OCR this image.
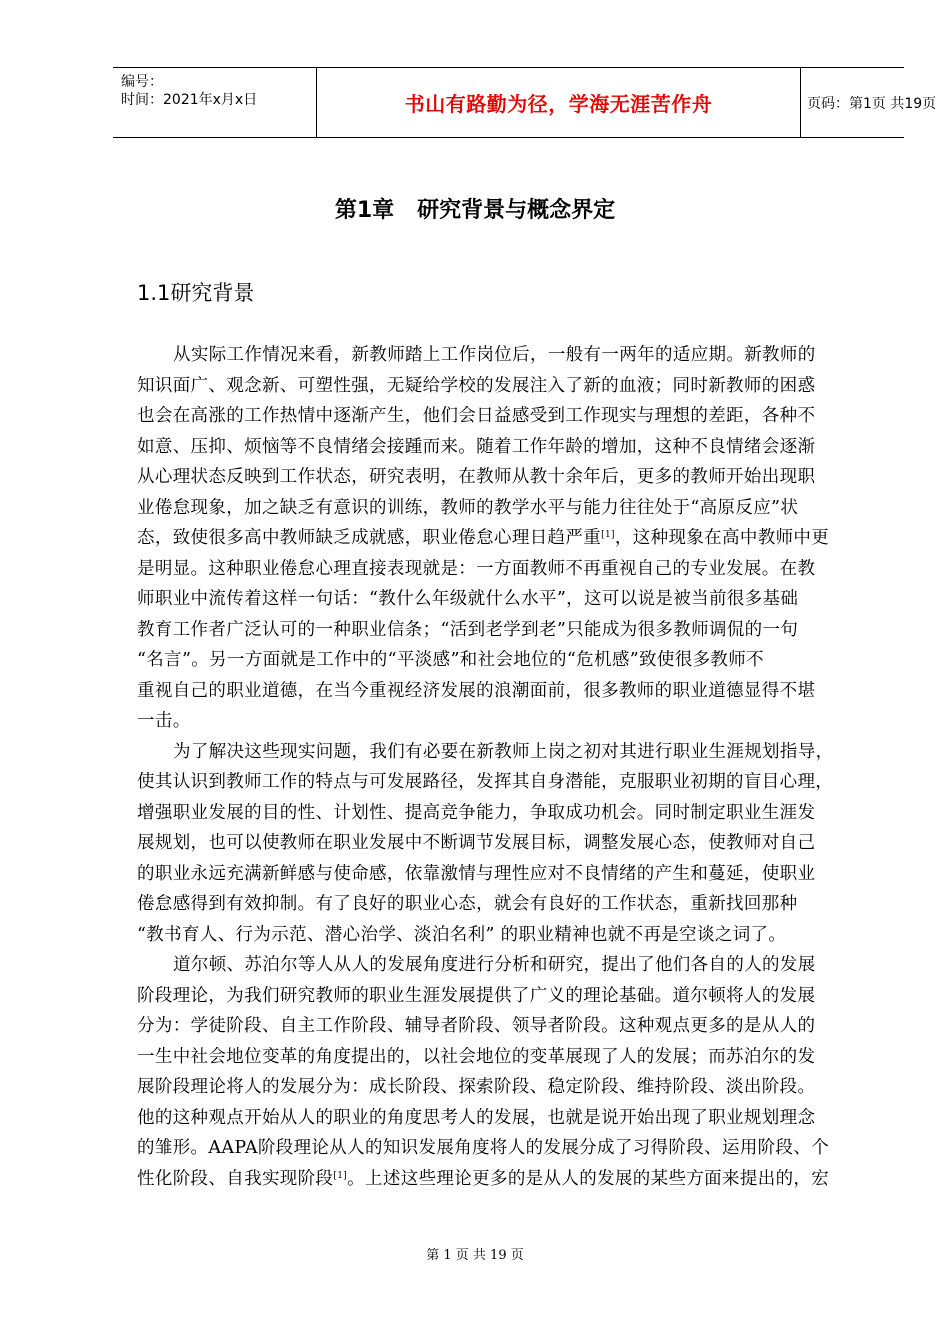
编号：
时间：2021年x月x日	书山有路勤为径，学海无涯苦作舟	页码：第1页 共19页
第1章   研究背景与概念界定
1.1研究背景
从实际工作情况来看，新教师踏上工作岗位后，一般有一两年的适应期。新教师的
知识面广、观念新、可塑性强，无疑给学校的发展注入了新的血液；同时新教师的困惑
也会在高涨的工作热情中逐渐产生，他们会日益感受到工作现实与理想的差距，各种不
如意、压抑、烦恼等不良情绪会接踵而来。随着工作年龄的增加，这种不良情绪会逐渐
从心理状态反映到工作状态，研究表明，在教师从教十余年后，更多的教师开始出现职
业倦怠现象，加之缺乏有意识的训练，教师的教学水平与能力往往处于“高原反应”状
态，致使很多高中教师缺乏成就感，职业倦怠心理日趋严重[1]，这种现象在高中教师中更
是明显。这种职业倦怠心理直接表现就是：一方面教师不再重视自己的专业发展。在教
师职业中流传着这样一句话：“教什么年级就什么水平”，这可以说是被当前很多基础
教育工作者广泛认可的一种职业信条；“活到老学到老”只能成为很多教师调侃的一句
“名言”。另一方面就是工作中的“平淡感”和社会地位的“危机感”致使很多教师不
重视自己的职业道德，在当今重视经济发展的浪潮面前，很多教师的职业道德显得不堪
一击。
为了解决这些现实问题，我们有必要在新教师上岗之初对其进行职业生涯规划指导，
使其认识到教师工作的特点与可发展路径，发挥其自身潜能，克服职业初期的盲目心理，
增强职业发展的目的性、计划性、提高竞争能力，争取成功机会。同时制定职业生涯发
展规划，也可以使教师在职业发展中不断调节发展目标，调整发展心态，使教师对自己
的职业永远充满新鲜感与使命感，依靠激情与理性应对不良情绪的产生和蔓延，使职业
倦怠感得到有效抑制。有了良好的职业心态，就会有良好的工作状态，重新找回那种
“教书育人、行为示范、潜心治学、淡泊名利” 的职业精神也就不再是空谈之词了。
道尔顿、苏泊尔等人从人的发展角度进行分析和研究，提出了他们各自的人的发展
阶段理论，为我们研究教师的职业生涯发展提供了广义的理论基础。道尔顿将人的发展
分为：学徒阶段、自主工作阶段、辅导者阶段、领导者阶段。这种观点更多的是从人的
一生中社会地位变革的角度提出的，以社会地位的变革展现了人的发展；而苏泊尔的发
展阶段理论将人的发展分为：成长阶段、探索阶段、稳定阶段、维持阶段、淡出阶段。
他的这种观点开始从人的职业的角度思考人的发展，也就是说开始出现了职业规划理念
的雏形。AAPA阶段理论从人的知识发展角度将人的发展分成了习得阶段、运用阶段、个
性化阶段、自我实现阶段[1]。上述这些理论更多的是从人的发展的某些方面来提出的，宏
第 1 页 共 19 页
